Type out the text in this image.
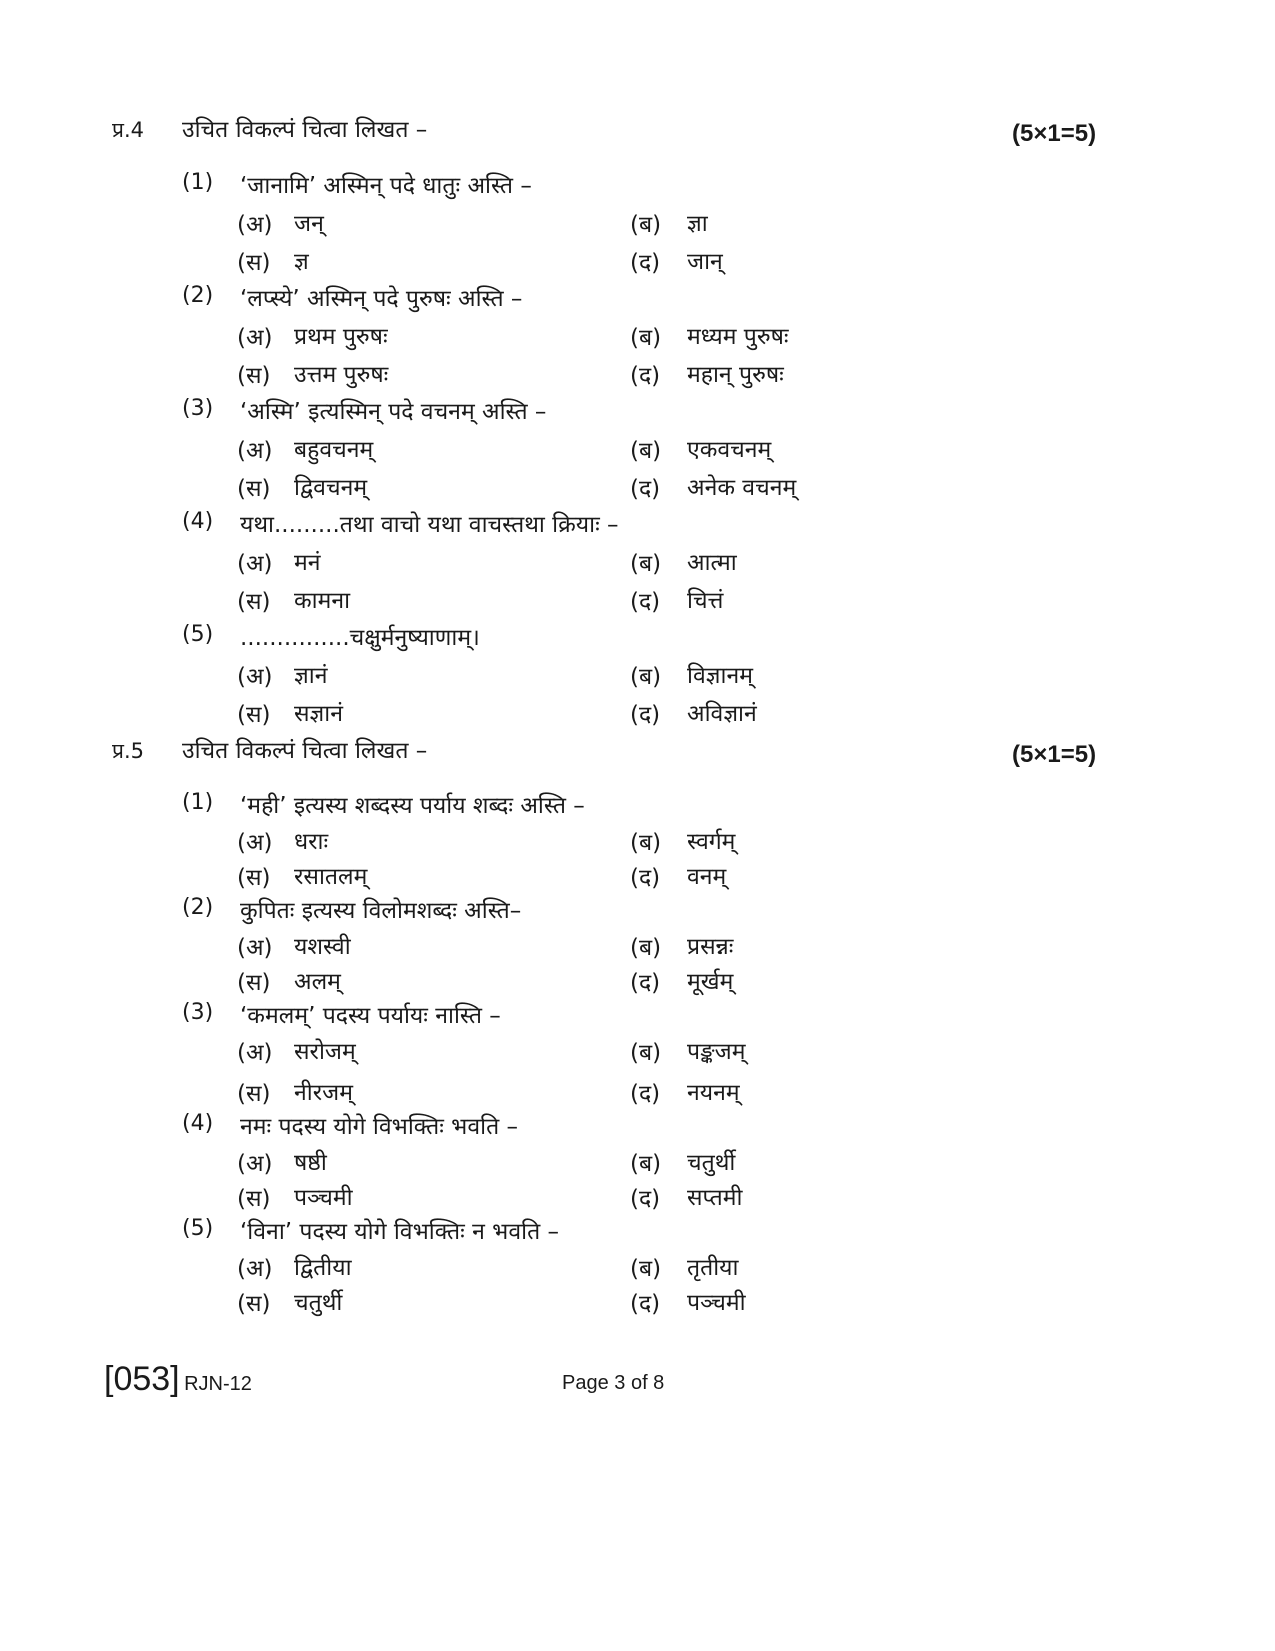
प्र.4 उचित विकल्पं चित्वा लिखत –	(5×1=5)
(1) ‘जानामि’ अस्मिन् पदे धातुः अस्ति –
(अ) जन्	(ब) ज्ञा
(स) ज्ञ	(द) जान्
(2) ‘लप्स्ये’ अस्मिन् पदे पुरुषः अस्ति –
(अ) प्रथम पुरुषः	(ब) मध्यम पुरुषः
(स) उत्तम पुरुषः	(द) महान् पुरुषः
(3) ‘अस्मि’ इत्यस्मिन् पदे वचनम् अस्ति –
(अ) बहुवचनम्	(ब) एकवचनम्
(स) द्विवचनम्	(द) अनेक वचनम्
(4) यथा.........तथा वाचो यथा वाचस्तथा क्रियाः –
(अ) मनं	(ब) आत्मा
(स) कामना	(द) चित्तं
(5) ...............चक्षुर्मनुष्याणाम्।
(अ) ज्ञानं	(ब) विज्ञानम्
(स) सज्ञानं	(द) अविज्ञानं
प्र.5 उचित विकल्पं चित्वा लिखत –	(5×1=5)
(1) ‘मही’ इत्यस्य शब्दस्य पर्याय शब्दः अस्ति –
(अ) धराः	(ब) स्वर्गम्
(स) रसातलम्	(द) वनम्
(2) कुपितः इत्यस्य विलोमशब्दः अस्ति–
(अ) यशस्वी	(ब) प्रसन्नः
(स) अलम्	(द) मूर्खम्
(3) ‘कमलम्’ पदस्य पर्यायः नास्ति –
(अ) सरोजम्	(ब) पङ्कजम्
(स) नीरजम्	(द) नयनम्
(4) नमः पदस्य योगे विभक्तिः भवति –
(अ) षष्ठी	(ब) चतुर्थी
(स) पञ्चमी	(द) सप्तमी
(5) ‘विना’ पदस्य योगे विभक्तिः न भवति –
(अ) द्वितीया	(ब) तृतीया
(स) चतुर्थी	(द) पञ्चमी
[053] RJN-12	Page 3 of 8
